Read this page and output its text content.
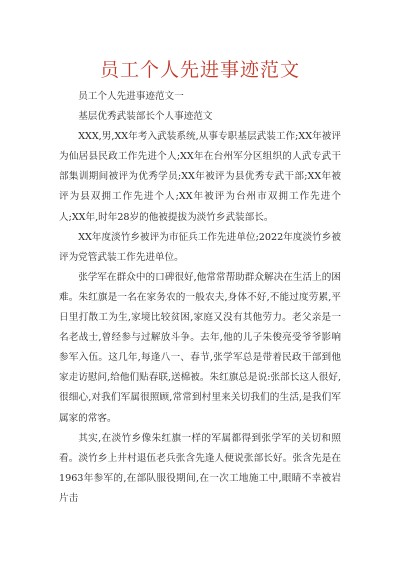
员工个人先进事迹范文

员工个人先进事迹范文一

基层优秀武装部长个人事迹范文

XXX,男,XX年考入武装系统,从事专职基层武装工作;XX年被评为仙居县民政工作先进个人;XX年在台州军分区组织的人武专武干部集训期间被评为优秀学员;XX年被评为县优秀专武干部;XX年被评为县双拥工作先进个人;XX年被评为台州市双拥工作先进个人;XX年,时年28岁的他被提拔为淡竹乡武装部长。

XX年度淡竹乡被评为市征兵工作先进单位;2022年度淡竹乡被评为党管武装工作先进单位。

张学军在群众中的口碑很好,他常常帮助群众解决在生活上的困难。朱红旗是一名在家务农的一般农夫,身体不好,不能过度劳累,平日里打散工为生,家境比较贫困,家庭又没有其他劳力。老父亲是一名老战士,曾经参与过解放斗争。去年,他的儿子朱俊亮受爷爷影响参军入伍。这几年,每逢八一、春节,张学军总是带着民政干部到他家走访慰问,给他们贴春联,送棉被。朱红旗总是说:张部长这人很好,很细心,对我们军属很照顾,常常到村里来关切我们的生活,是我们军属家的常客。

其实,在淡竹乡像朱红旗一样的军属都得到张学军的关切和照看。淡竹乡上井村退伍老兵张含先逢人便说张部长好。张含先是在1963年参军的,在部队服役期间,在一次工地施工中,眼睛不幸被岩片击
